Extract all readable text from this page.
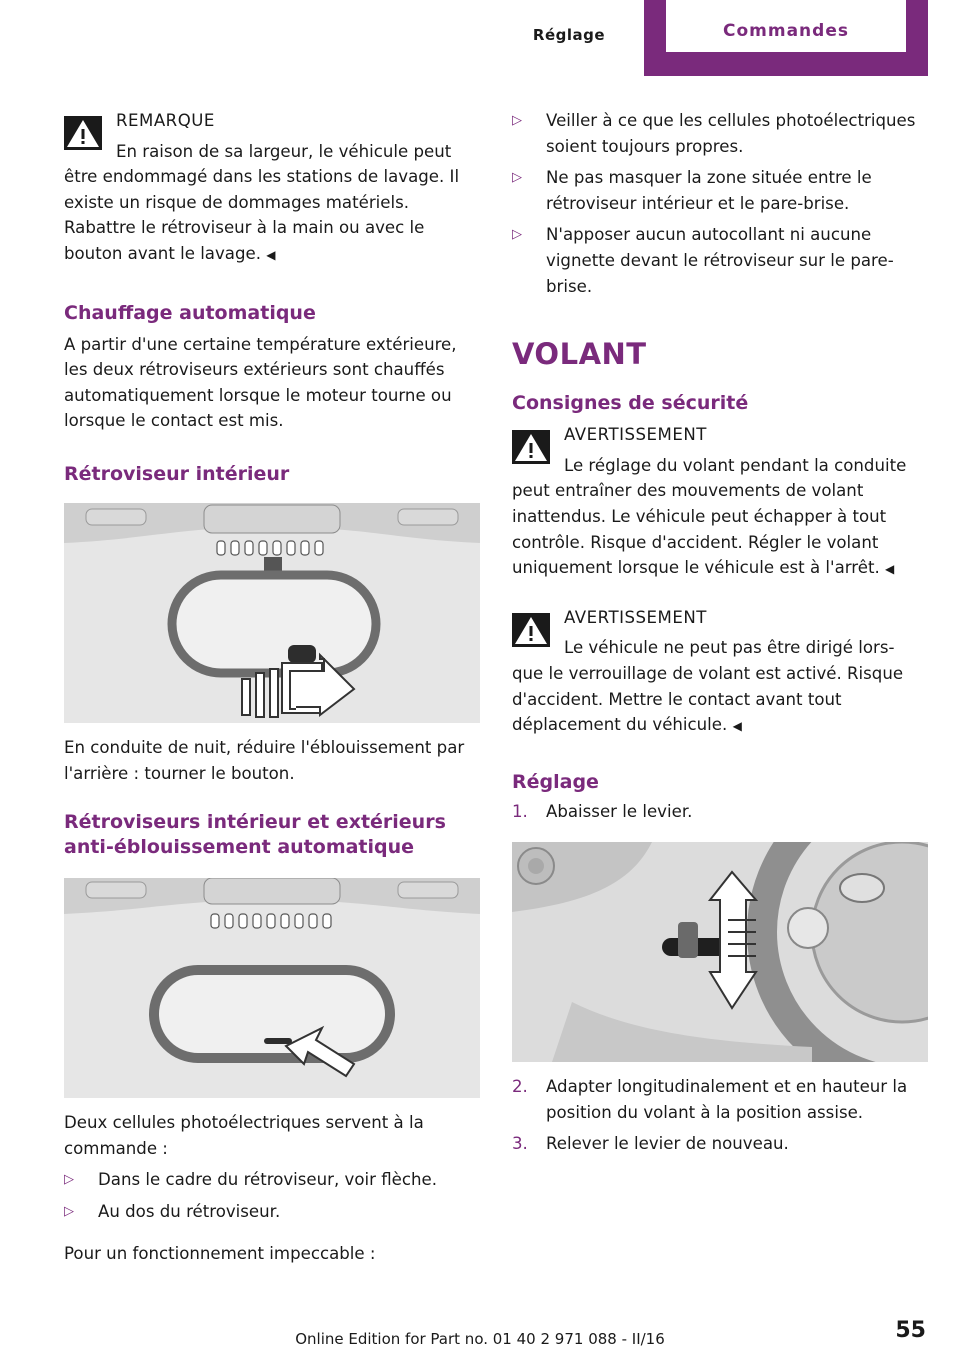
Réglage	Commandes

REMARQUE

En raison de sa largeur, le véhicule peut

être endommagé dans les stations de lavage. Il existe un risque de dommages matériels. Rabattre le rétroviseur à la main ou avec le bouton avant le lavage. ◀

Chauffage automatique

A partir d'une certaine température extérieure, les deux rétroviseurs extérieurs sont chauffés automatiquement lorsque le moteur tourne ou lorsque le contact est mis.

Rétroviseur intérieur

En conduite de nuit, réduire l'éblouissement par l'arrière : tourner le bouton.

Rétroviseurs intérieur et extérieurs anti-éblouissement automatique

Deux cellules photoélectriques servent à la commande :

▷ Dans le cadre du rétroviseur, voir flèche.
▷ Au dos du rétroviseur.

Pour un fonctionnement impeccable :

▷ Veiller à ce que les cellules photoélectriques soient toujours propres.
▷ Ne pas masquer la zone située entre le rétroviseur intérieur et le pare-brise.
▷ N'apposer aucun autocollant ni aucune vignette devant le rétroviseur sur le pare-brise.

VOLANT

Consignes de sécurité

AVERTISSEMENT

Le réglage du volant pendant la conduite

peut entraîner des mouvements de volant inattendus. Le véhicule peut échapper à tout contrôle. Risque d'accident. Régler le volant uniquement lorsque le véhicule est à l'arrêt. ◀

AVERTISSEMENT

Le véhicule ne peut pas être dirigé lors-

que le verrouillage de volant est activé. Risque d'accident. Mettre le contact avant tout déplacement du véhicule. ◀

Réglage

1. Abaisser le levier.
2. Adapter longitudinalement et en hauteur la position du volant à la position assise.
3. Relever le levier de nouveau.
Online Edition for Part no. 01 40 2 971 088 - II/16	55
